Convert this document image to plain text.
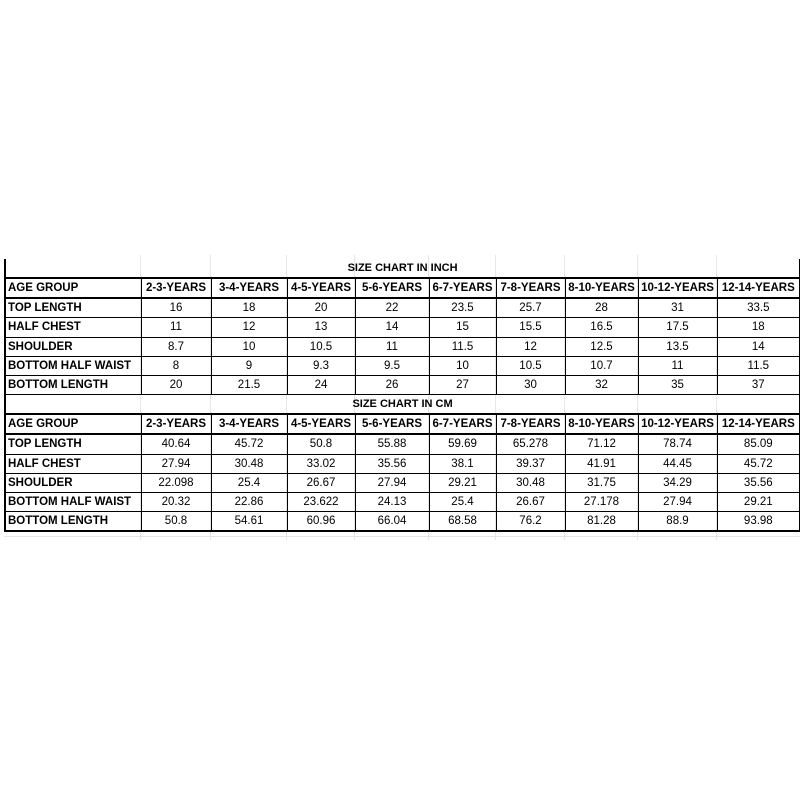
SIZE CHART IN INCH									
AGE GROUP	2-3-YEARS	3-4-YEARS	4-5-YEARS	5-6-YEARS	6-7-YEARS	7-8-YEARS	8-10-YEARS	10-12-YEARS	12-14-YEARS
TOP LENGTH	16	18	20	22	23.5	25.7	28	31	33.5
HALF CHEST	11	12	13	14	15	15.5	16.5	17.5	18
SHOULDER	8.7	10	10.5	11	11.5	12	12.5	13.5	14
BOTTOM HALF WAIST	8	9	9.3	9.5	10	10.5	10.7	11	11.5
BOTTOM LENGTH	20	21.5	24	26	27	30	32	35	37
SIZE CHART IN CM									
AGE GROUP	2-3-YEARS	3-4-YEARS	4-5-YEARS	5-6-YEARS	6-7-YEARS	7-8-YEARS	8-10-YEARS	10-12-YEARS	12-14-YEARS
TOP LENGTH	40.64	45.72	50.8	55.88	59.69	65.278	71.12	78.74	85.09
HALF CHEST	27.94	30.48	33.02	35.56	38.1	39.37	41.91	44.45	45.72
SHOULDER	22.098	25.4	26.67	27.94	29.21	30.48	31.75	34.29	35.56
BOTTOM HALF WAIST	20.32	22.86	23.622	24.13	25.4	26.67	27.178	27.94	29.21
BOTTOM LENGTH	50.8	54.61	60.96	66.04	68.58	76.2	81.28	88.9	93.98
